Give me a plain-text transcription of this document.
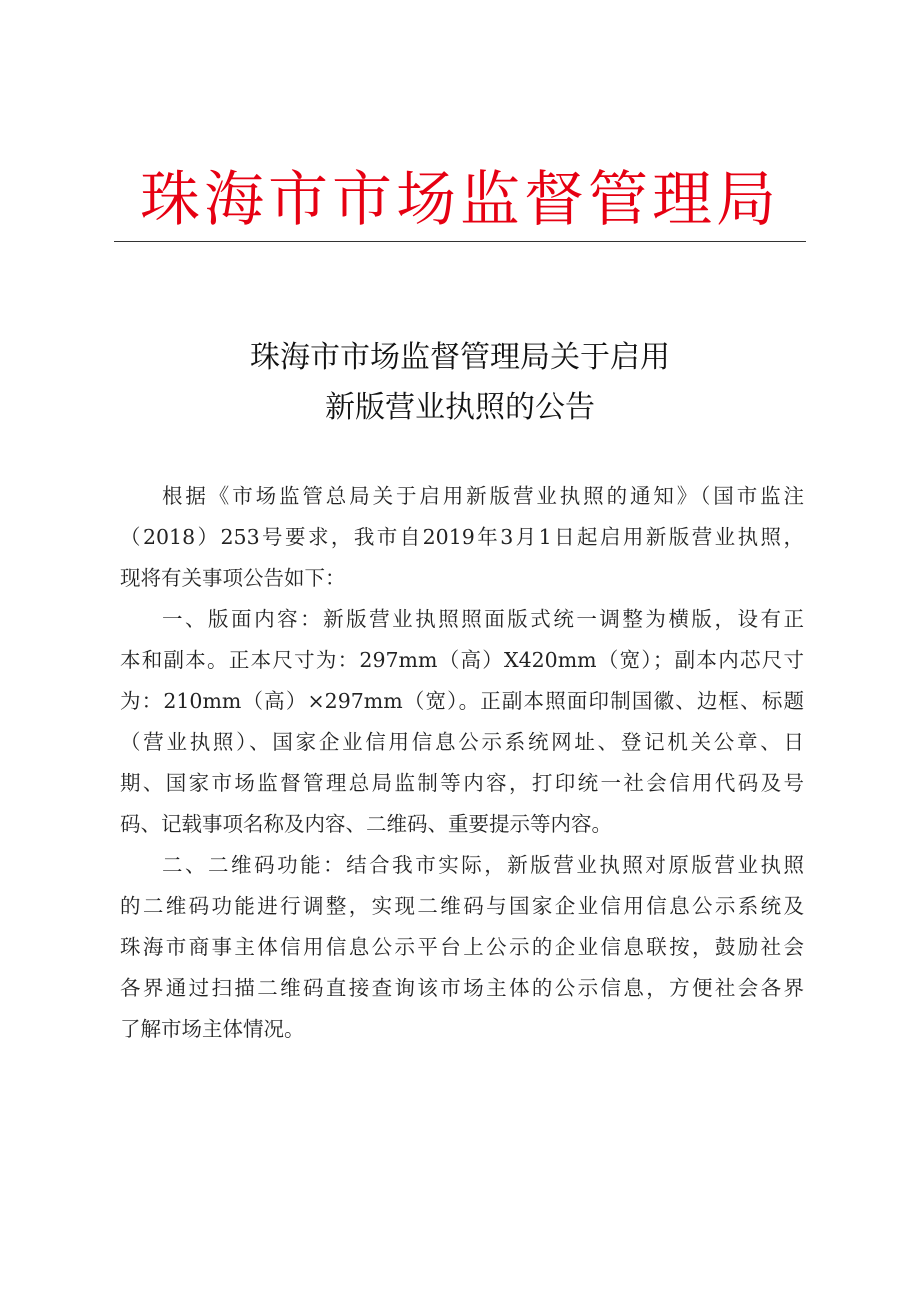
珠海市市场监督管理局
珠海市市场监督管理局关于启用
新版营业执照的公告
根据《市场监管总局关于启用新版营业执照的通知》（国市监注
（2018）253号要求，我市自2019年3月1日起启用新版营业执照，
现将有关事项公告如下：
一、版面内容：新版营业执照照面版式统一调整为横版，设有正
本和副本。正本尺寸为：297mm（高）X420mm（宽）；副本内芯尺寸
为：210mm（高）×297mm（宽）。正副本照面印制国徽、边框、标题
（营业执照）、国家企业信用信息公示系统网址、登记机关公章、日
期、国家市场监督管理总局监制等内容，打印统一社会信用代码及号
码、记载事项名称及内容、二维码、重要提示等内容。
二、二维码功能：结合我市实际，新版营业执照对原版营业执照
的二维码功能进行调整，实现二维码与国家企业信用信息公示系统及
珠海市商事主体信用信息公示平台上公示的企业信息联按，鼓励社会
各界通过扫描二维码直接查询该市场主体的公示信息，方便社会各界
了解市场主体情况。
